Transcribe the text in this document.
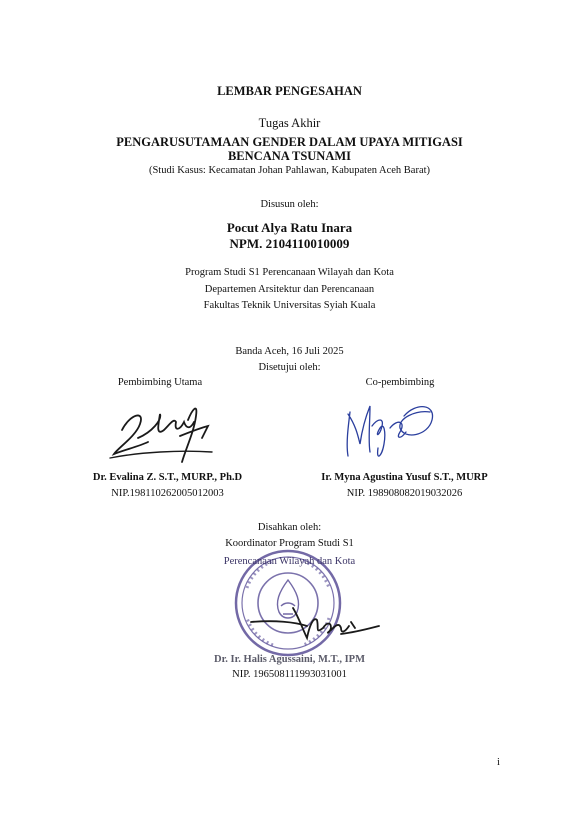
LEMBAR PENGESAHAN
Tugas Akhir
PENGARUSUTAMAAN GENDER DALAM UPAYA MITIGASI
BENCANA TSUNAMI
(Studi Kasus: Kecamatan Johan Pahlawan, Kabupaten Aceh Barat)
Disusun oleh:
Pocut Alya Ratu Inara
NPM. 2104110010009
Program Studi S1 Perencanaan Wilayah dan Kota
Departemen Arsitektur dan Perencanaan
Fakultas Teknik Universitas Syiah Kuala
Banda Aceh, 16 Juli 2025
Disetujui oleh:
Pembimbing Utama
Dr. Evalina Z. S.T., MURP., Ph.D
NIP.198110262005012003
Co-pembimbing
Ir. Myna Agustina Yusuf S.T., MURP
NIP. 198908082019032026
Disahkan oleh:
Koordinator Program Studi S1
Perencanaan Wilayah dan Kota
Dr. Ir. Halis Agussaini, M.T., IPM
NIP. 196508111993031001
i
